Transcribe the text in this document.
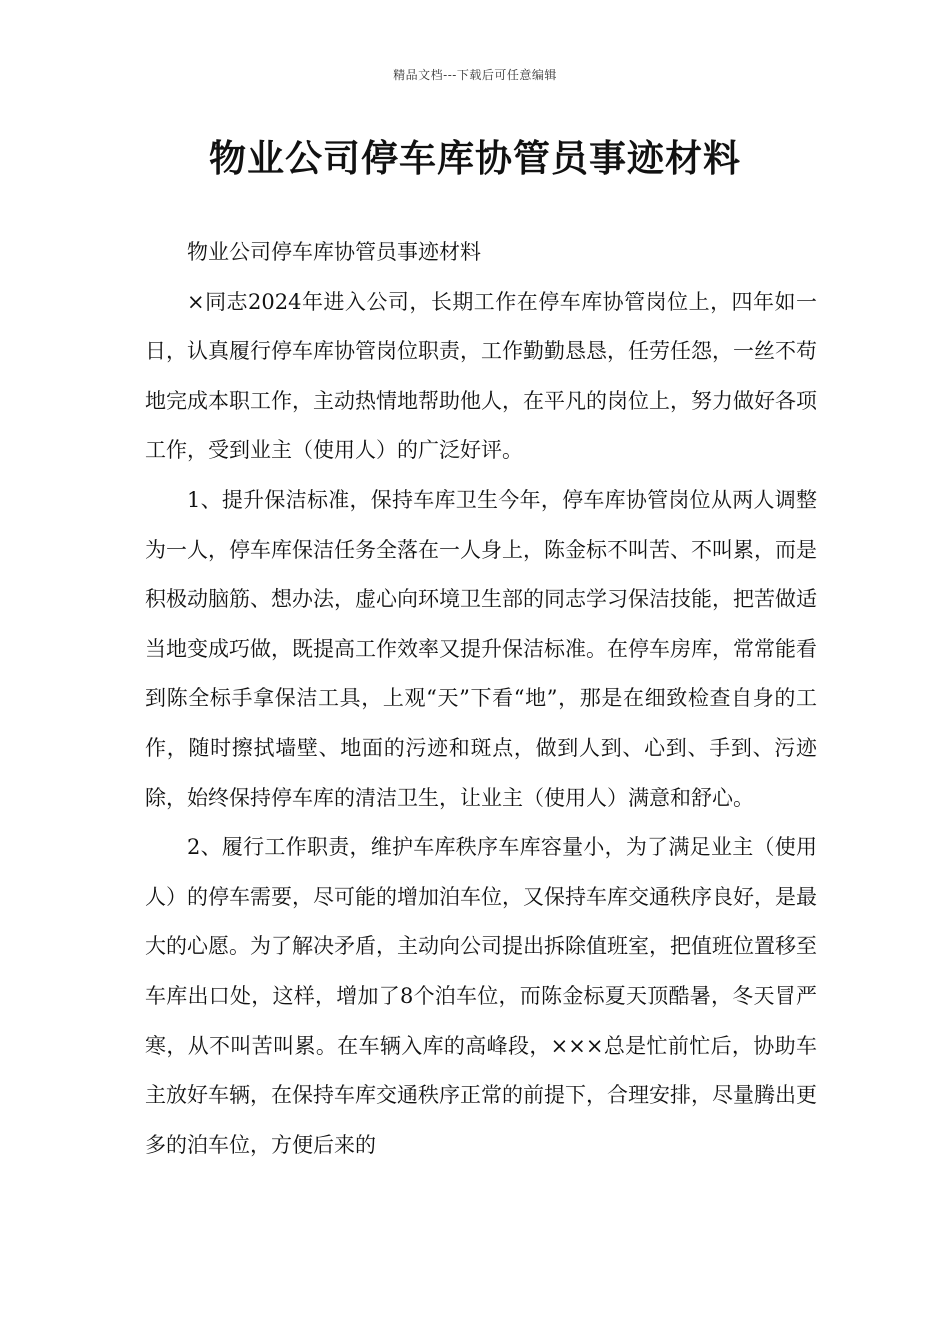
精品文档---下载后可任意编辑
物业公司停车库协管员事迹材料

物业公司停车库协管员事迹材料

×同志2024年进入公司，长期工作在停车库协管岗位上，四年如一日，认真履行停车库协管岗位职责，工作勤勤恳恳，任劳任怨，一丝不苟地完成本职工作，主动热情地帮助他人，在平凡的岗位上，努力做好各项工作，受到业主（使用人）的广泛好评。

1、提升保洁标准，保持车库卫生今年，停车库协管岗位从两人调整为一人，停车库保洁任务全落在一人身上，陈金标不叫苦、不叫累，而是积极动脑筋、想办法，虚心向环境卫生部的同志学习保洁技能，把苦做适当地变成巧做，既提高工作效率又提升保洁标准。在停车房库，常常能看到陈全标手拿保洁工具，上观“天”下看“地”，那是在细致检查自身的工作，随时擦拭墙壁、地面的污迹和斑点，做到人到、心到、手到、污迹除，始终保持停车库的清洁卫生，让业主（使用人）满意和舒心。

2、履行工作职责，维护车库秩序车库容量小，为了满足业主（使用人）的停车需要，尽可能的增加泊车位，又保持车库交通秩序良好，是最大的心愿。为了解决矛盾，主动向公司提出拆除值班室，把值班位置移至车库出口处，这样，增加了8个泊车位，而陈金标夏天顶酷暑，冬天冒严寒，从不叫苦叫累。在车辆入库的高峰段，×××总是忙前忙后，协助车主放好车辆，在保持车库交通秩序正常的前提下，合理安排，尽量腾出更多的泊车位，方便后来的
